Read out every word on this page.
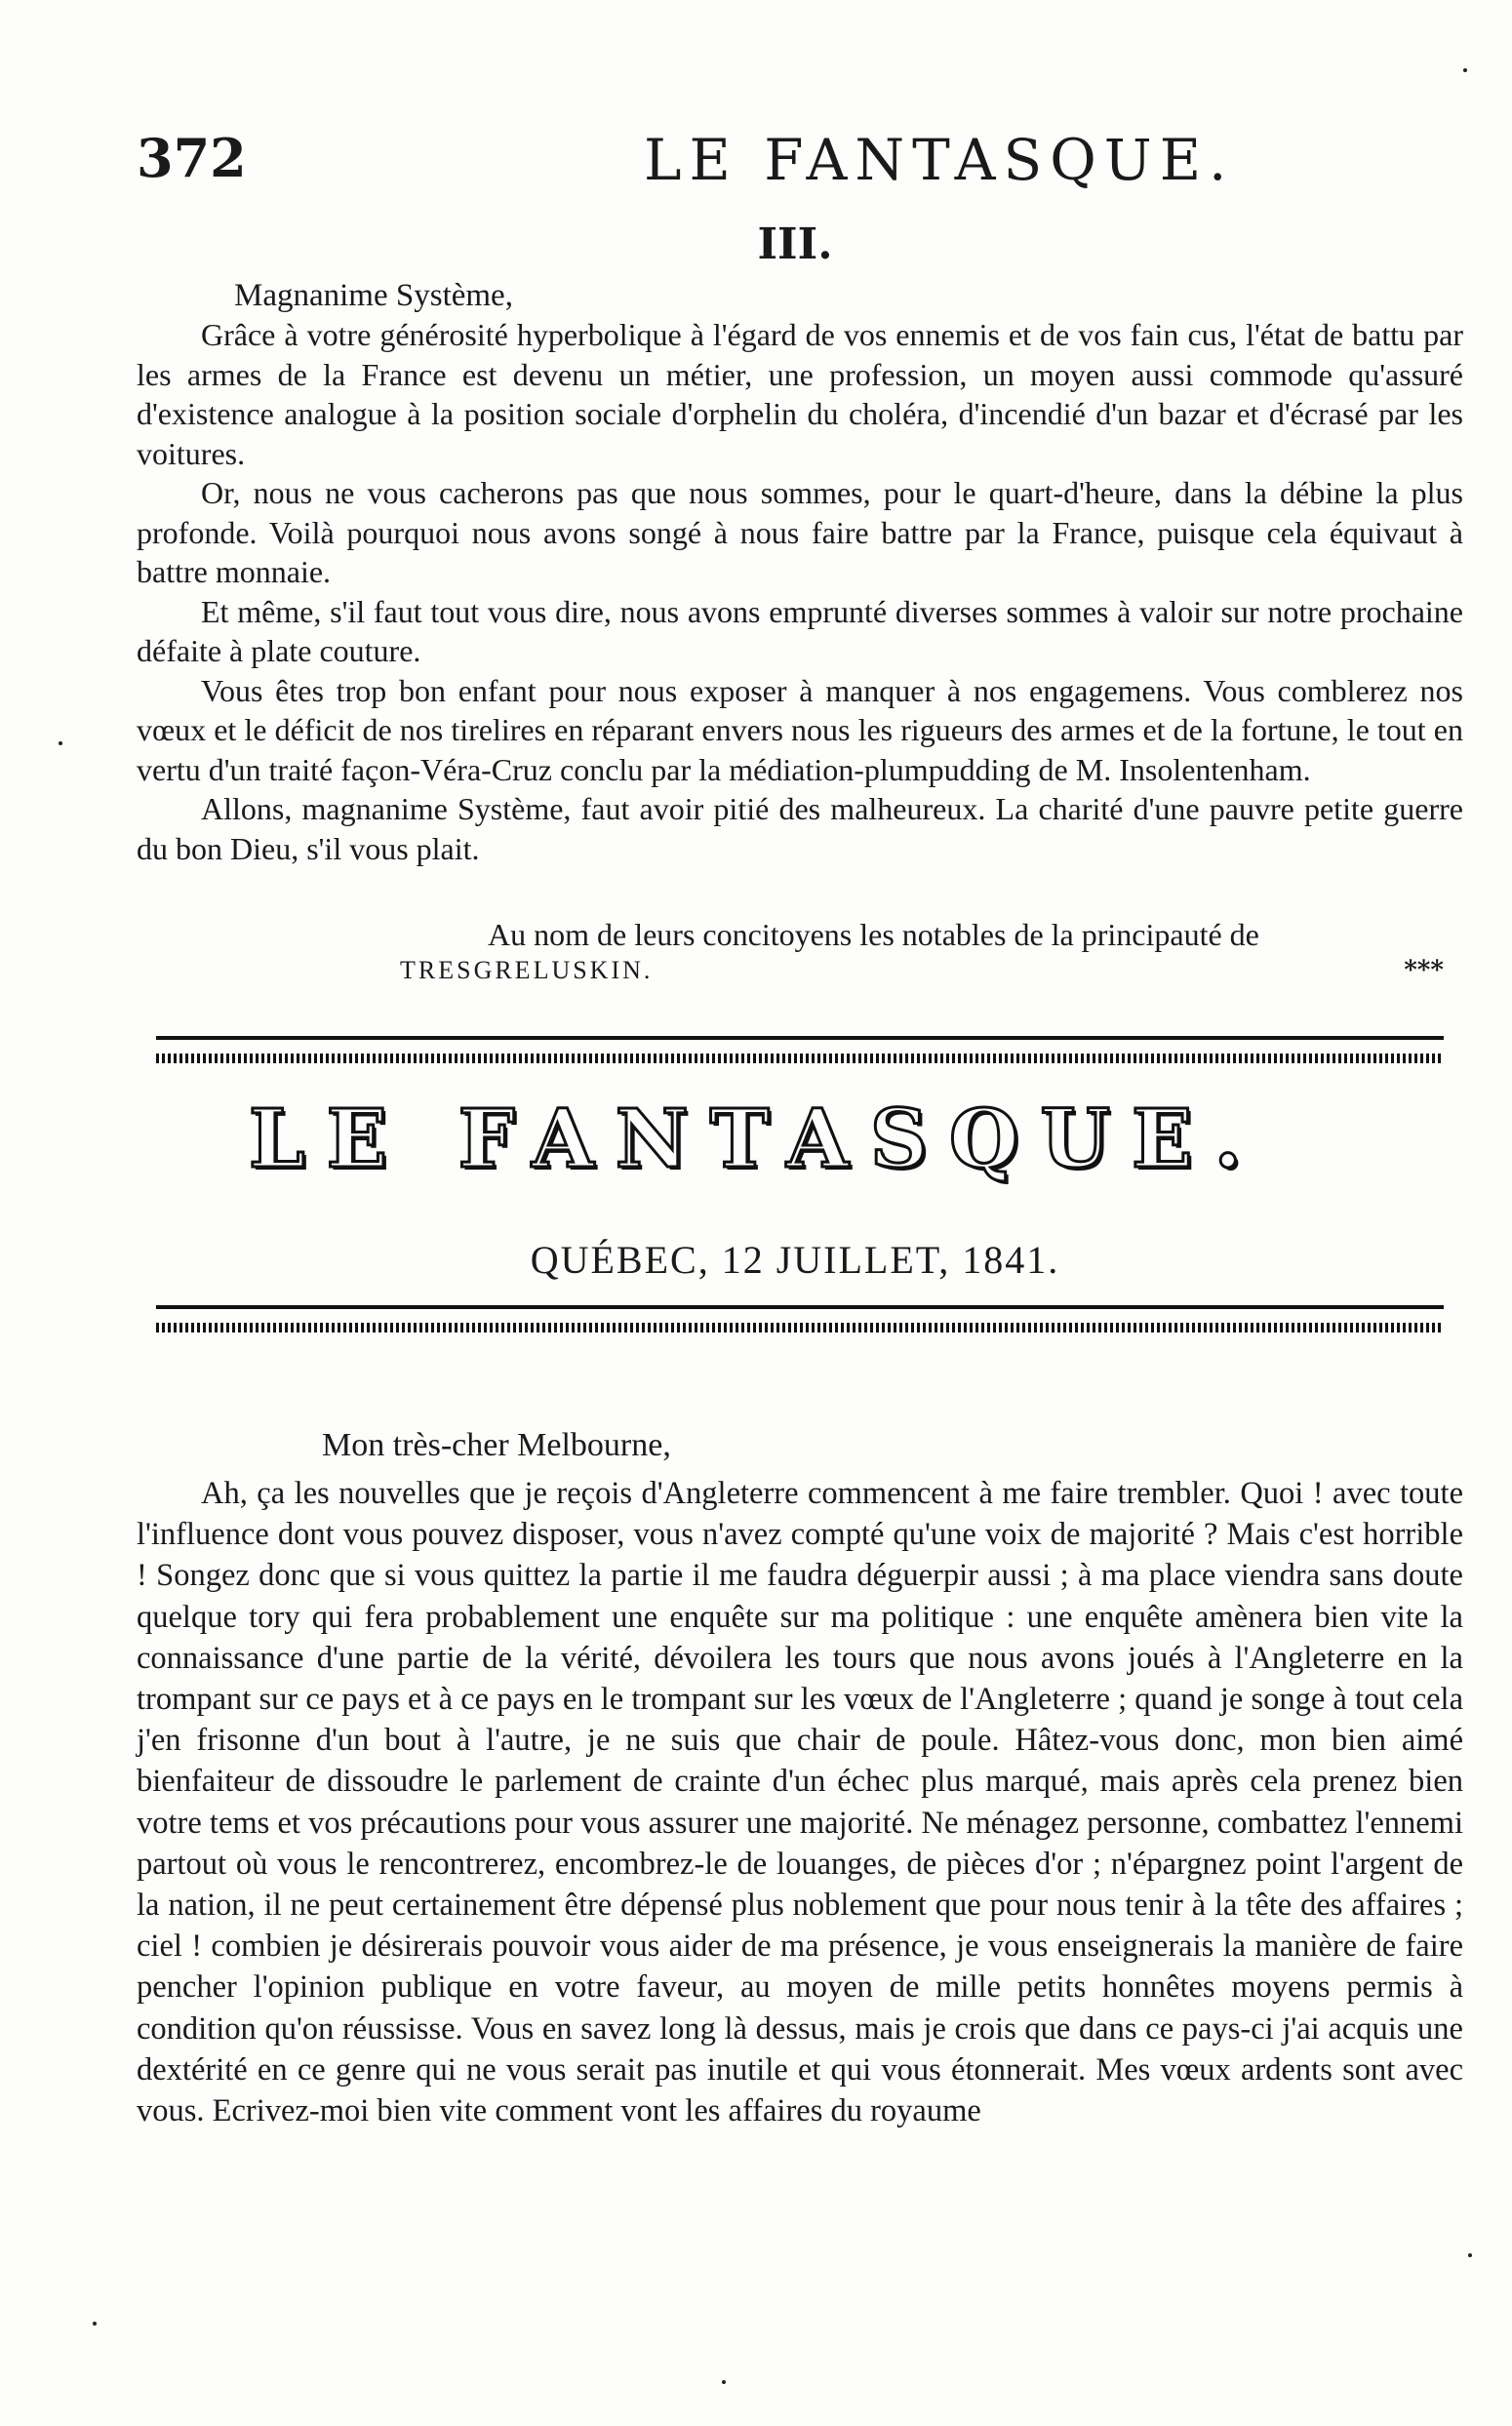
372	LE FANTASQUE.
III.

Magnanime Système,

Grâce à votre générosité hyperbolique à l'égard de vos ennemis et de vos fain cus, l'état de battu par les armes de la France est devenu un métier, une profession, un moyen aussi commode qu'assuré d'existence analogue à la position sociale d'orphelin du choléra, d'incendié d'un bazar et d'écrasé par les voitures.

Or, nous ne vous cacherons pas que nous sommes, pour le quart-d'heure, dans la débine la plus profonde. Voilà pourquoi nous avons songé à nous faire battre par la France, puisque cela équivaut à battre monnaie.

Et même, s'il faut tout vous dire, nous avons emprunté diverses sommes à valoir sur notre prochaine défaite à plate couture.

Vous êtes trop bon enfant pour nous exposer à manquer à nos engagemens. Vous comblerez nos vœux et le déficit de nos tirelires en réparant envers nous les rigueurs des armes et de la fortune, le tout en vertu d'un traité façon-Véra-Cruz conclu par la médiation-plumpudding de M. Insolentenham.

Allons, magnanime Système, faut avoir pitié des malheureux. La charité d'une pauvre petite guerre du bon Dieu, s'il vous plait.

Au nom de leurs concitoyens les notables de la principauté de
TRESGRELUSKIN.	***
LE FANTASQUE.
QUÉBEC, 12 JUILLET, 1841.

Mon très-cher Melbourne,

Ah, ça les nouvelles que je reçois d'Angleterre commencent à me faire trembler. Quoi ! avec toute l'influence dont vous pouvez disposer, vous n'avez compté qu'une voix de majorité ? Mais c'est horrible ! Songez donc que si vous quittez la partie il me faudra déguerpir aussi ; à ma place viendra sans doute quelque tory qui fera probablement une enquête sur ma politique : une enquête amènera bien vite la connaissance d'une partie de la vérité, dévoilera les tours que nous avons joués à l'Angleterre en la trompant sur ce pays et à ce pays en le trompant sur les vœux de l'Angleterre ; quand je songe à tout cela j'en frisonne d'un bout à l'autre, je ne suis que chair de poule. Hâtez-vous donc, mon bien aimé bienfaiteur de dissoudre le parlement de crainte d'un échec plus marqué, mais après cela prenez bien votre tems et vos précautions pour vous assurer une majorité. Ne ménagez personne, combattez l'ennemi partout où vous le rencontrerez, encombrez-le de louanges, de pièces d'or ; n'épargnez point l'argent de la nation, il ne peut certainement être dépensé plus noblement que pour nous tenir à la tête des affaires ; ciel ! combien je désirerais pouvoir vous aider de ma présence, je vous enseignerais la manière de faire pencher l'opinion publique en votre faveur, au moyen de mille petits honnêtes moyens permis à condition qu'on réussisse. Vous en savez long là dessus, mais je crois que dans ce pays-ci j'ai acquis une dextérité en ce genre qui ne vous serait pas inutile et qui vous étonnerait. Mes vœux ardents sont avec vous. Ecrivez-moi bien vite comment vont les affaires du royaume
